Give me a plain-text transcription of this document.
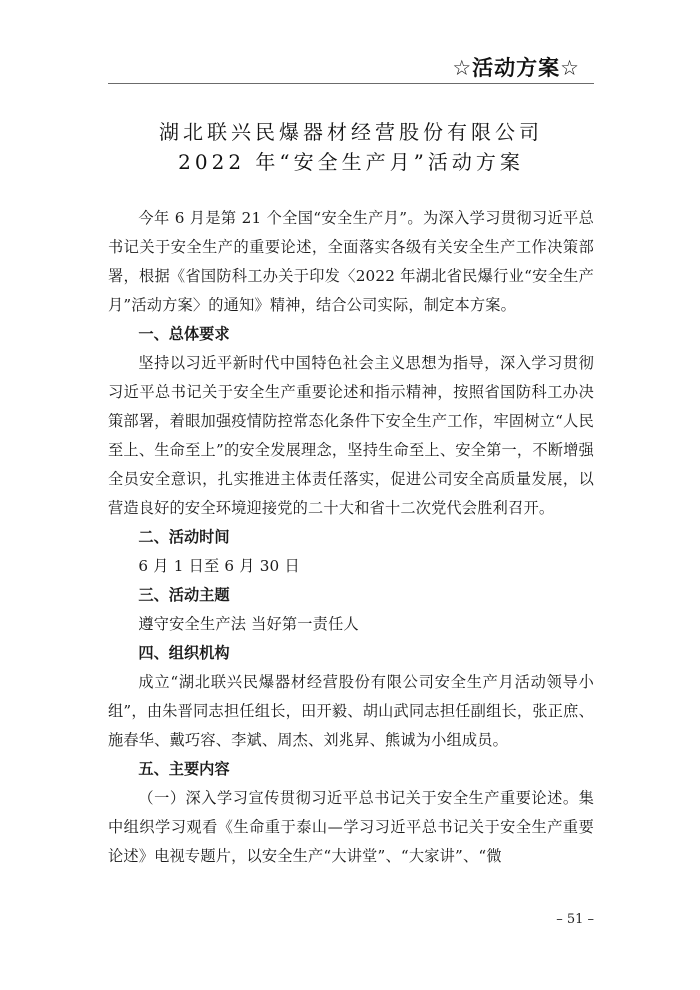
☆活动方案☆
湖北联兴民爆器材经营股份有限公司
2022 年“安全生产月”活动方案

今年 6 月是第 21 个全国“安全生产月”。为深入学习贯彻习近平总书记关于安全生产的重要论述，全面落实各级有关安全生产工作决策部署，根据《省国防科工办关于印发〈2022 年湖北省民爆行业“安全生产月”活动方案〉的通知》精神，结合公司实际，制定本方案。

一、总体要求

坚持以习近平新时代中国特色社会主义思想为指导，深入学习贯彻习近平总书记关于安全生产重要论述和指示精神，按照省国防科工办决策部署，着眼加强疫情防控常态化条件下安全生产工作，牢固树立“人民至上、生命至上”的安全发展理念，坚持生命至上、安全第一，不断增强全员安全意识，扎实推进主体责任落实，促进公司安全高质量发展，以营造良好的安全环境迎接党的二十大和省十二次党代会胜利召开。

二、活动时间

6 月 1 日至 6 月 30 日

三、活动主题

遵守安全生产法 当好第一责任人

四、组织机构

成立“湖北联兴民爆器材经营股份有限公司安全生产月活动领导小组”，由朱晋同志担任组长，田开毅、胡山武同志担任副组长，张正庶、施春华、戴巧容、李斌、周杰、刘兆昇、熊诚为小组成员。

五、主要内容

（一）深入学习宣传贯彻习近平总书记关于安全生产重要论述。集中组织学习观看《生命重于泰山—学习习近平总书记关于安全生产重要论述》电视专题片，以安全生产“大讲堂”、“大家讲”、“微

– 51 –
